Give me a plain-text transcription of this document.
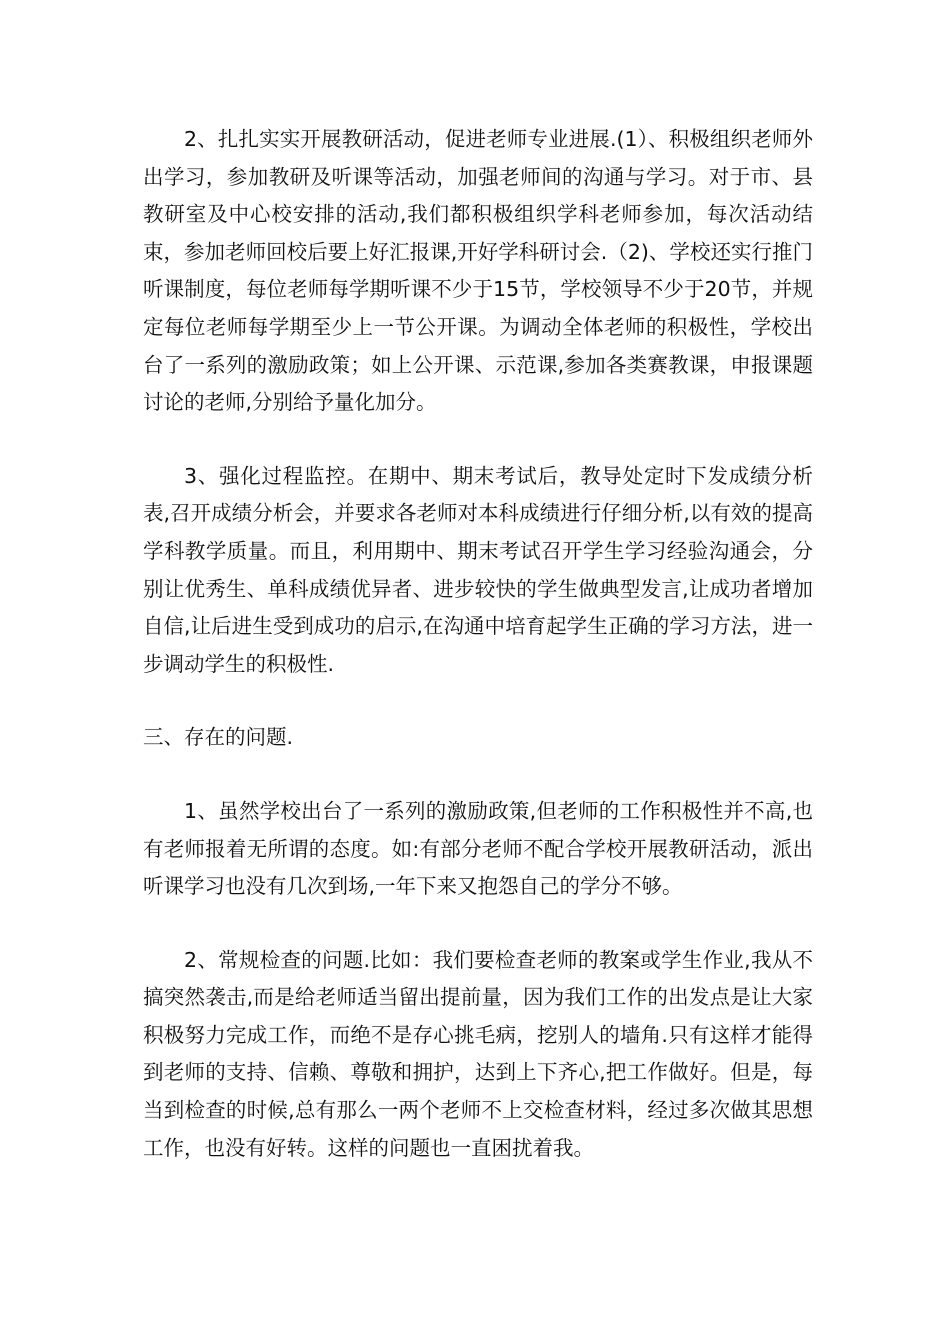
2、扎扎实实开展教研活动，促进老师专业进展.(1）、积极组织老师外出学习，参加教研及听课等活动，加强老师间的沟通与学习。对于市、县教研室及中心校安排的活动,我们都积极组织学科老师参加，每次活动结束，参加老师回校后要上好汇报课,开好学科研讨会.（2)、学校还实行推门听课制度，每位老师每学期听课不少于15节，学校领导不少于20节，并规定每位老师每学期至少上一节公开课。为调动全体老师的积极性，学校出台了一系列的激励政策；如上公开课、示范课,参加各类赛教课，申报课题讨论的老师,分别给予量化加分。

3、强化过程监控。在期中、期末考试后，教导处定时下发成绩分析表,召开成绩分析会，并要求各老师对本科成绩进行仔细分析,以有效的提高学科教学质量。而且，利用期中、期末考试召开学生学习经验沟通会，分别让优秀生、单科成绩优异者、进步较快的学生做典型发言,让成功者增加自信,让后进生受到成功的启示,在沟通中培育起学生正确的学习方法，进一步调动学生的积极性.

三、存在的问题.

1、虽然学校出台了一系列的激励政策,但老师的工作积极性并不高,也有老师报着无所谓的态度。如:有部分老师不配合学校开展教研活动，派出听课学习也没有几次到场,一年下来又抱怨自己的学分不够。

2、常规检查的问题.比如：我们要检查老师的教案或学生作业,我从不搞突然袭击,而是给老师适当留出提前量，因为我们工作的出发点是让大家积极努力完成工作，而绝不是存心挑毛病，挖别人的墙角.只有这样才能得到老师的支持、信赖、尊敬和拥护，达到上下齐心,把工作做好。但是，每当到检查的时候,总有那么一两个老师不上交检查材料，经过多次做其思想工作，也没有好转。这样的问题也一直困扰着我。
